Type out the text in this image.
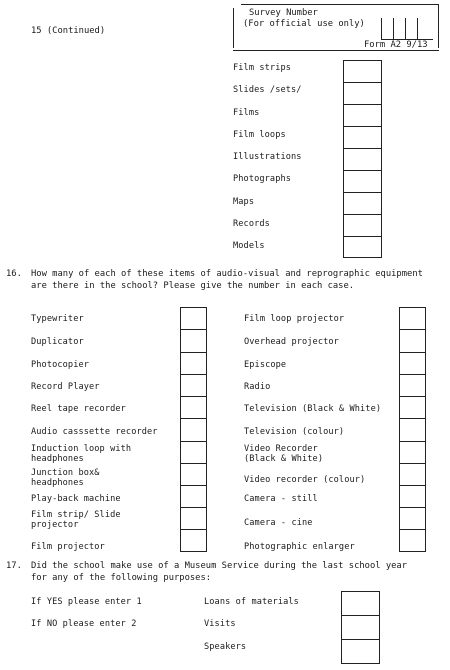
15 (Continued)
Survey Number
(For official use only)
Form A2 9/13
Film strips
Slides /sets/
Films
Film loops
Illustrations
Photographs
Maps
Records
Models
16. How many of each of these items of audio-visual and reprographic equipment
are there in the school? Please give the number in each case.
Typewriter
Duplicator
Photocopier
Record Player
Reel tape recorder
Audio casssette recorder
Induction loop with headphones
Junction box& headphones
Play-back machine
Film strip/ Slide projector
Film projector
Film loop projector
Overhead projector
Episcope
Radio
Television (Black & White)
Television (colour)
Video Recorder (Black & White)
Video recorder (colour)
Camera - still
Camera - cine
Photographic enlarger
17. Did the school make use of a Museum Service during the last school year
for any of the following purposes:
If YES please enter 1
If NO please enter 2
Loans of materials
Visits
Speakers
